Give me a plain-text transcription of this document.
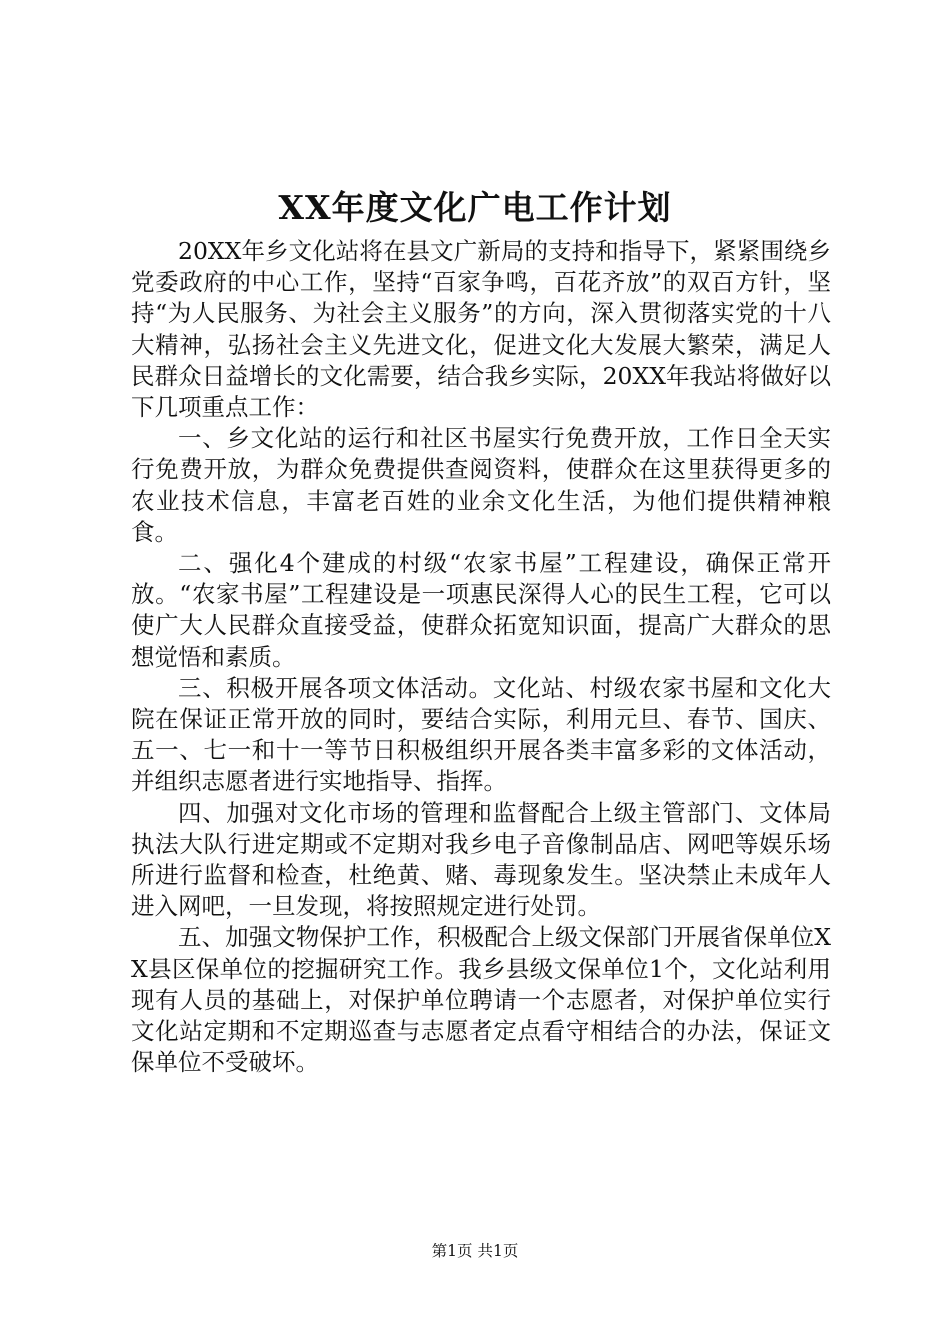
XX年度文化广电工作计划

20XX年乡文化站将在县文广新局的支持和指导下，紧紧围绕乡党委政府的中心工作，坚持“百家争鸣，百花齐放”的双百方针，坚持“为人民服务、为社会主义服务”的方向，深入贯彻落实党的十八大精神，弘扬社会主义先进文化，促进文化大发展大繁荣，满足人民群众日益增长的文化需要，结合我乡实际，20XX年我站将做好以下几项重点工作：

一、乡文化站的运行和社区书屋实行免费开放，工作日全天实行免费开放，为群众免费提供查阅资料，使群众在这里获得更多的农业技术信息，丰富老百姓的业余文化生活，为他们提供精神粮食。

二、强化4个建成的村级“农家书屋”工程建设，确保正常开放。“农家书屋”工程建设是一项惠民深得人心的民生工程，它可以使广大人民群众直接受益，使群众拓宽知识面，提高广大群众的思想觉悟和素质。

三、积极开展各项文体活动。文化站、村级农家书屋和文化大院在保证正常开放的同时，要结合实际，利用元旦、春节、国庆、五一、七一和十一等节日积极组织开展各类丰富多彩的文体活动，并组织志愿者进行实地指导、指挥。

四、加强对文化市场的管理和监督配合上级主管部门、文体局执法大队行进定期或不定期对我乡电子音像制品店、网吧等娱乐场所进行监督和检查，杜绝黄、赌、毒现象发生。坚决禁止未成年人进入网吧，一旦发现，将按照规定进行处罚。

五、加强文物保护工作，积极配合上级文保部门开展省保单位XX县区保单位的挖掘研究工作。我乡县级文保单位1个，文化站利用现有人员的基础上，对保护单位聘请一个志愿者，对保护单位实行文化站定期和不定期巡查与志愿者定点看守相结合的办法，保证文保单位不受破坏。

第1页 共1页
